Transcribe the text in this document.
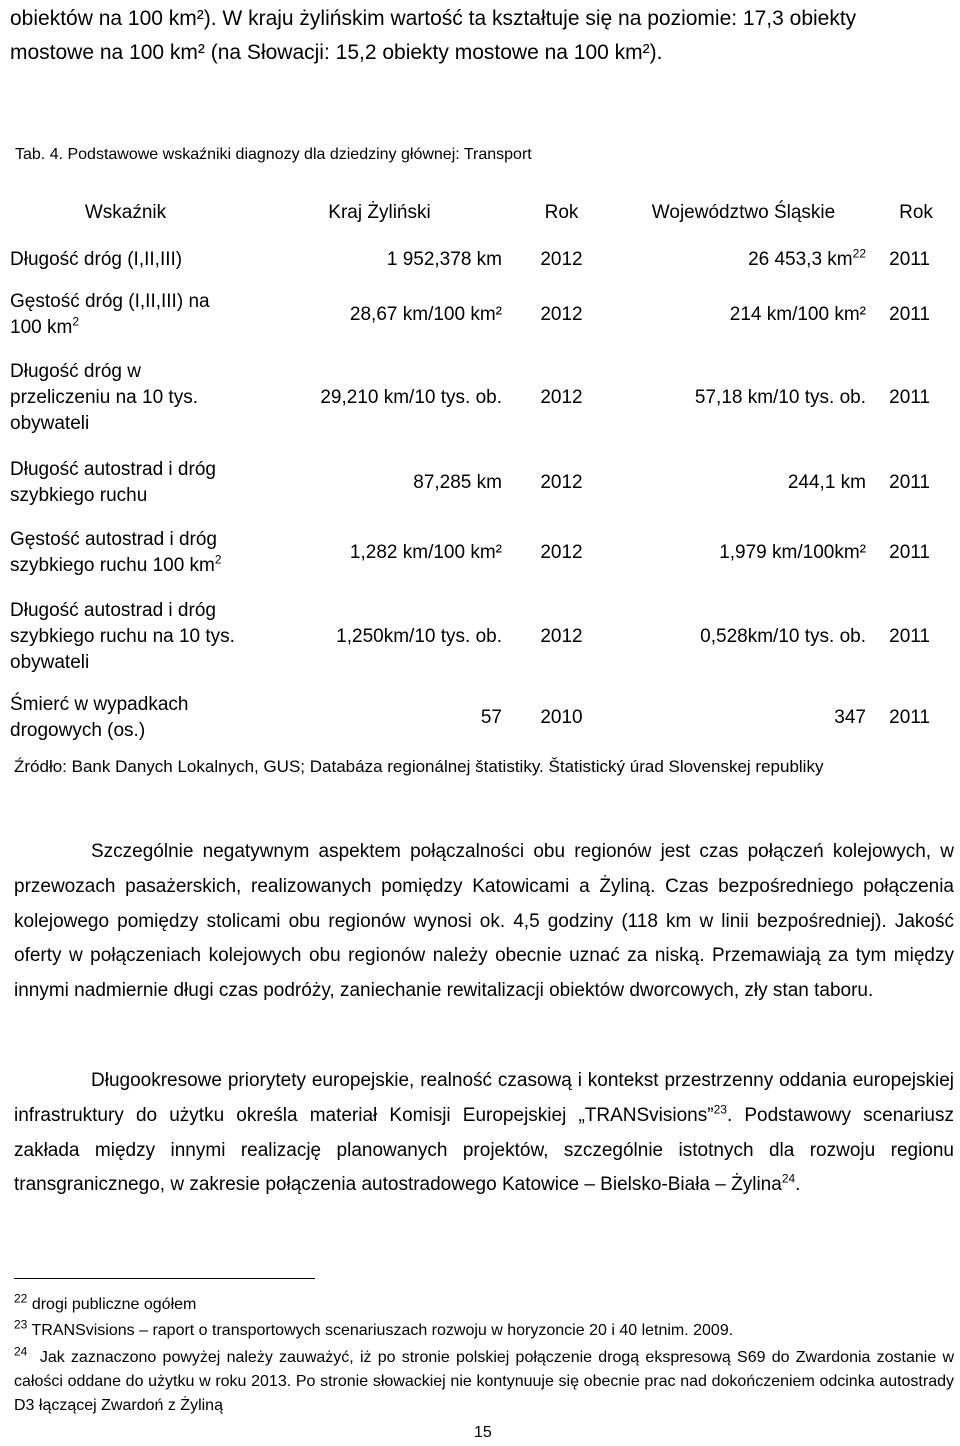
obiektów na 100 km²). W kraju żylińskim wartość ta kształtuje się na poziomie: 17,3 obiekty
mostowe na 100 km² (na Słowacji: 15,2 obiekty mostowe na 100 km²).
Tab. 4. Podstawowe wskaźniki diagnozy dla dziedziny głównej: Transport
Wskaźnik	Kraj Żyliński	Rok	Województwo Śląskie	Rok
Długość dróg (I,II,III)	1 952,378 km	2012	26 453,3 $km^{22}$	2011
Gęstość dróg (I,II,III) na 100 $km^2$	28,67 km/100 km²	2012	214 km/100 km²	2011
Długość dróg w przeliczeniu na 10 tys. obywateli	29,210 km/10 tys. ob.	2012	57,18 km/10 tys. ob.	2011
Długość autostrad i dróg szybkiego ruchu	87,285 km	2012	244,1 km	2011
Gęstość autostrad i dróg szybkiego ruchu 100 $km^2$	1,282 km/100 km²	2012	1,979 km/100km²	2011
Długość autostrad i dróg szybkiego ruchu na 10 tys. obywateli	1,250km/10 tys. ob.	2012	0,528km/10 tys. ob.	2011
Śmierć w wypadkach drogowych (os.)	57	2010	347	2011
Źródło: Bank Danych Lokalnych, GUS; Databáza regionálnej štatistiky. Štatistický úrad Slovenskej republiky

Szczególnie negatywnym aspektem połączalności obu regionów jest czas połączeń kolejowych, w przewozach pasażerskich, realizowanych pomiędzy Katowicami a Żyliną. Czas bezpośredniego połączenia kolejowego pomiędzy stolicami obu regionów wynosi ok. 4,5 godziny (118 km w linii bezpośredniej). Jakość oferty w połączeniach kolejowych obu regionów należy obecnie uznać za niską. Przemawiają za tym między innymi nadmiernie długi czas podróży, zaniechanie rewitalizacji obiektów dworcowych, zły stan taboru.

Długookresowe priorytety europejskie, realność czasową i kontekst przestrzenny oddania europejskiej infrastruktury do użytku określa materiał Komisji Europejskiej „TRANSvisions”$^{23}$. Podstawowy scenariusz zakłada między innymi realizację planowanych projektów, szczególnie istotnych dla rozwoju regionu transgranicznego, w zakresie połączenia autostradowego Katowice – Bielsko-Biała – Żylina$^{24}$.

$^{22}$ drogi publiczne ogółem
$^{23}$ TRANSvisions – raport o transportowych scenariuszach rozwoju w horyzoncie 20 i 40 letnim. 2009.
$^{24}$ Jak zaznaczono powyżej należy zauważyć, iż po stronie polskiej połączenie drogą ekspresową S69 do Zwardonia zostanie w całości oddane do użytku w roku 2013. Po stronie słowackiej nie kontynuuje się obecnie prac nad dokończeniem odcinka autostrady D3 łączącej Zwardoń z Żyliną
15
